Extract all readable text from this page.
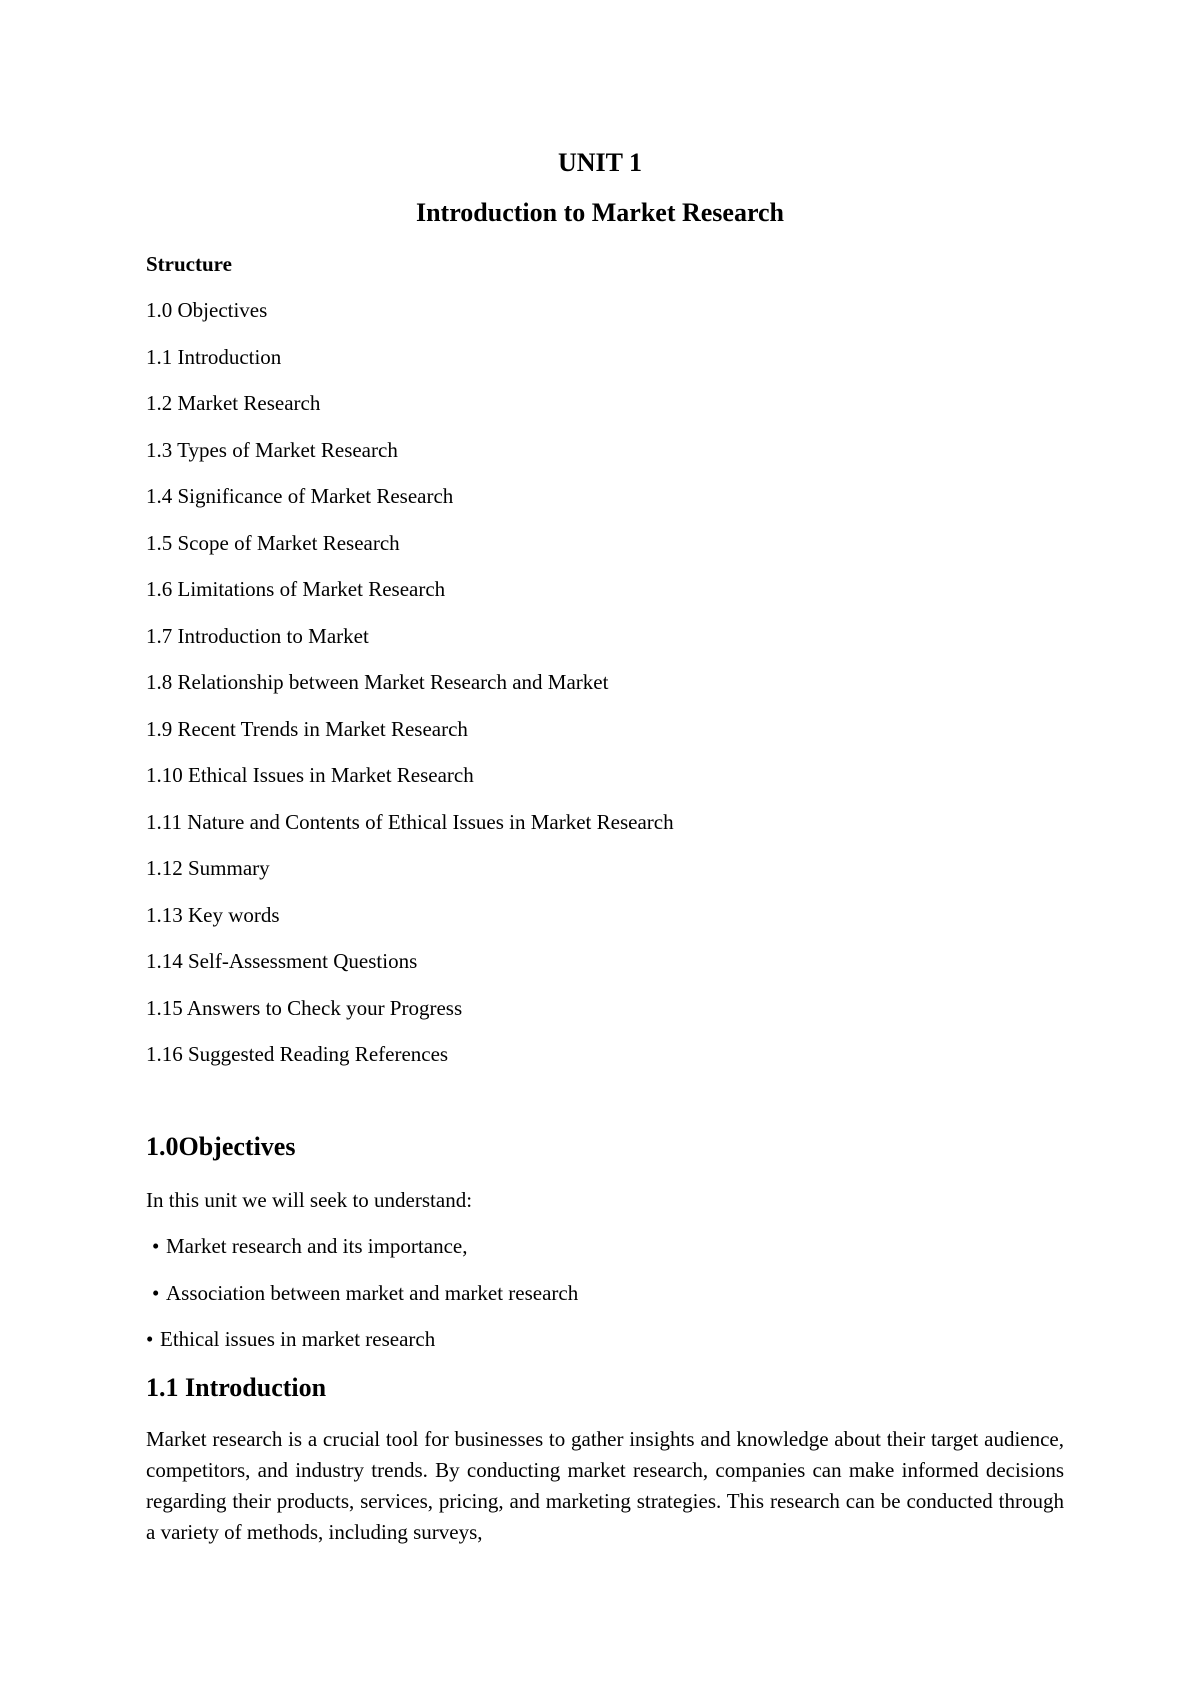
UNIT 1
Introduction to Market Research
Structure
1.0 Objectives
1.1 Introduction
1.2 Market Research
1.3 Types of Market Research
1.4 Significance of Market Research
1.5 Scope of Market Research
1.6 Limitations of Market Research
1.7 Introduction to Market
1.8 Relationship between Market Research and Market
1.9 Recent Trends in Market Research
1.10 Ethical Issues in Market Research
1.11 Nature and Contents of Ethical Issues in Market Research
1.12 Summary
1.13 Key words
1.14 Self-Assessment Questions
1.15 Answers to Check your Progress
1.16 Suggested Reading References
1.0Objectives
In this unit we will seek to understand:
• Market research and its importance,
• Association between market and market research
• Ethical issues in market research
1.1 Introduction

Market research is a crucial tool for businesses to gather insights and knowledge about their target audience, competitors, and industry trends. By conducting market research, companies can make informed decisions regarding their products, services, pricing, and marketing strategies. This research can be conducted through a variety of methods, including surveys,
